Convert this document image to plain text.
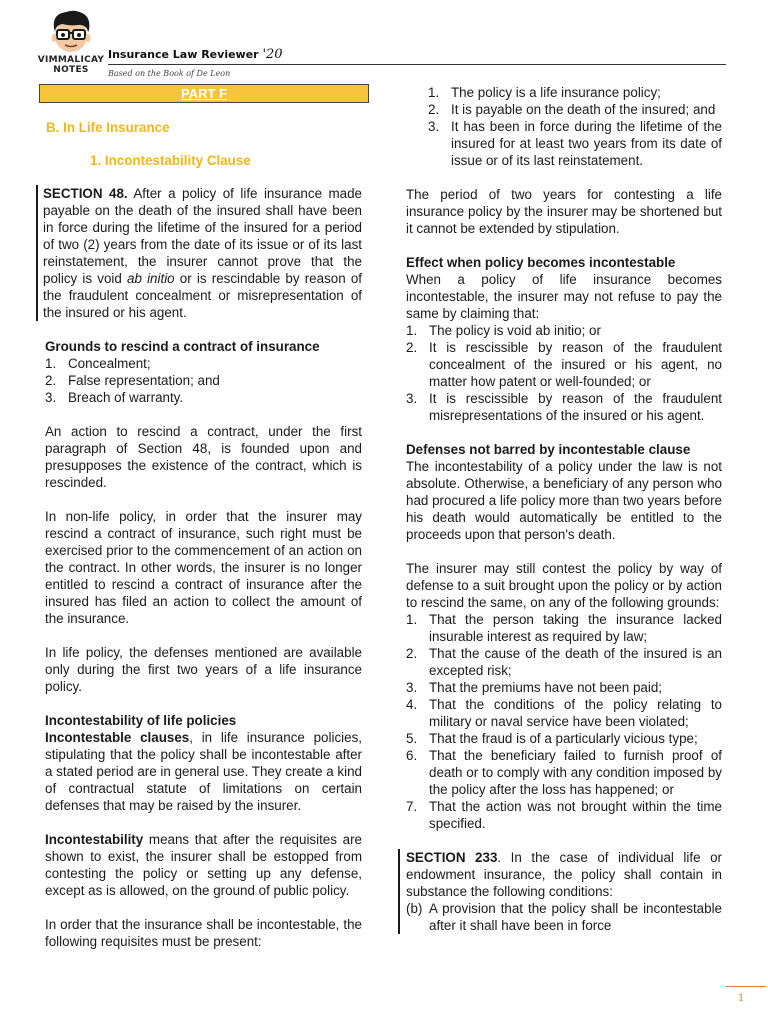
VIMMALICAY
NOTES
Insurance Law Reviewer '20
Based on the Book of De Leon
PART F
B. In Life Insurance
1. Incontestability Clause

SECTION 48. After a policy of life insurance made payable on the death of the insured shall have been in force during the lifetime of the insured for a period of two (2) years from the date of its issue or of its last reinstatement, the insurer cannot prove that the policy is void ab initio or is rescindable by reason of the fraudulent concealment or misrepresentation of the insured or his agent.

Grounds to rescind a contract of insurance

1. Concealment;
2. False representation; and
3. Breach of warranty.

An action to rescind a contract, under the first paragraph of Section 48, is founded upon and presupposes the existence of the contract, which is rescinded.

In non-life policy, in order that the insurer may rescind a contract of insurance, such right must be exercised prior to the commencement of an action on the contract. In other words, the insurer is no longer entitled to rescind a contract of insurance after the insured has filed an action to collect the amount of the insurance.

In life policy, the defenses mentioned are available only during the first two years of a life insurance policy.

Incontestability of life policies

Incontestable clauses, in life insurance policies, stipulating that the policy shall be incontestable after a stated period are in general use. They create a kind of contractual statute of limitations on certain defenses that may be raised by the insurer.

Incontestability means that after the requisites are shown to exist, the insurer shall be estopped from contesting the policy or setting up any defense, except as is allowed, on the ground of public policy.

In order that the insurance shall be incontestable, the following requisites must be present:

1. The policy is a life insurance policy;
2. It is payable on the death of the insured; and
3. It has been in force during the lifetime of the insured for at least two years from its date of issue or of its last reinstatement.

The period of two years for contesting a life insurance policy by the insurer may be shortened but it cannot be extended by stipulation.

Effect when policy becomes incontestable

When a policy of life insurance becomes incontestable, the insurer may not refuse to pay the same by claiming that:

1. The policy is void ab initio; or
2. It is rescissible by reason of the fraudulent concealment of the insured or his agent, no matter how patent or well-founded; or
3. It is rescissible by reason of the fraudulent misrepresentations of the insured or his agent.

Defenses not barred by incontestable clause

The incontestability of a policy under the law is not absolute. Otherwise, a beneficiary of any person who had procured a life policy more than two years before his death would automatically be entitled to the proceeds upon that person's death.

The insurer may still contest the policy by way of defense to a suit brought upon the policy or by action to rescind the same, on any of the following grounds:

1. That the person taking the insurance lacked insurable interest as required by law;
2. That the cause of the death of the insured is an excepted risk;
3. That the premiums have not been paid;
4. That the conditions of the policy relating to military or naval service have been violated;
5. That the fraud is of a particularly vicious type;
6. That the beneficiary failed to furnish proof of death or to comply with any condition imposed by the policy after the loss has happened; or
7. That the action was not brought within the time specified.

SECTION 233. In the case of individual life or endowment insurance, the policy shall contain in substance the following conditions:

(b) A provision that the policy shall be incontestable after it shall have been in force
1
